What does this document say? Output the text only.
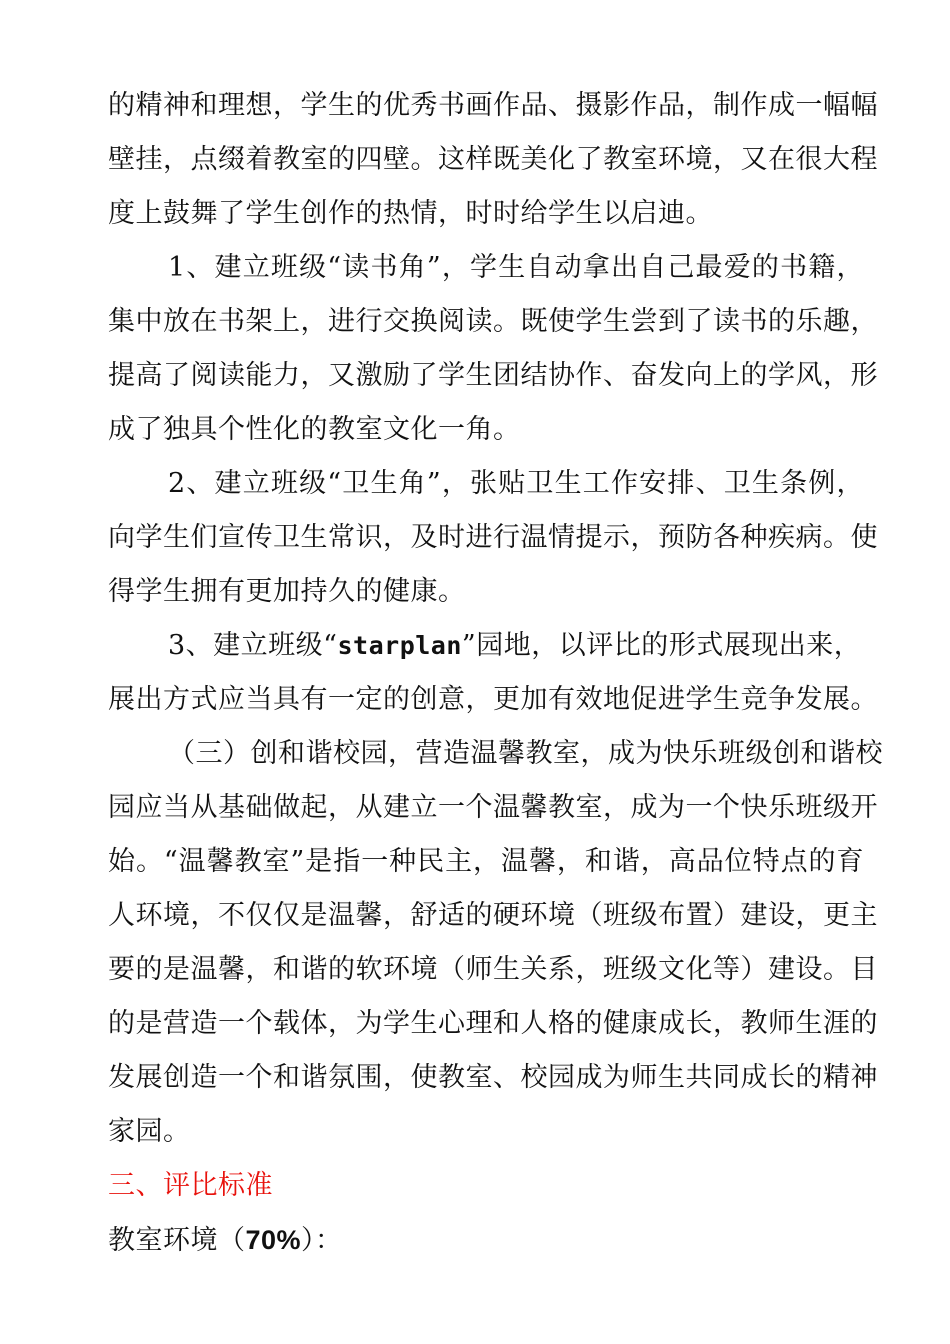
的精神和理想，学生的优秀书画作品、摄影作品，制作成一幅幅
壁挂，点缀着教室的四壁。这样既美化了教室环境，又在很大程
度上鼓舞了学生创作的热情，时时给学生以启迪。
1、建立班级“读书角”，学生自动拿出自己最爱的书籍，
集中放在书架上，进行交换阅读。既使学生尝到了读书的乐趣，
提高了阅读能力，又激励了学生团结协作、奋发向上的学风，形
成了独具个性化的教室文化一角。
2、建立班级“卫生角”，张贴卫生工作安排、卫生条例，
向学生们宣传卫生常识，及时进行温情提示，预防各种疾病。使
得学生拥有更加持久的健康。
3、建立班级“starplan”园地，以评比的形式展现出来，
展出方式应当具有一定的创意，更加有效地促进学生竞争发展。
（三）创和谐校园，营造温馨教室，成为快乐班级创和谐校
园应当从基础做起，从建立一个温馨教室，成为一个快乐班级开
始。“温馨教室”是指一种民主，温馨，和谐，高品位特点的育
人环境，不仅仅是温馨，舒适的硬环境（班级布置）建设，更主
要的是温馨，和谐的软环境（师生关系，班级文化等）建设。目
的是营造一个载体，为学生心理和人格的健康成长，教师生涯的
发展创造一个和谐氛围，使教室、校园成为师生共同成长的精神
家园。
三、评比标准
教室环境（70%）：
